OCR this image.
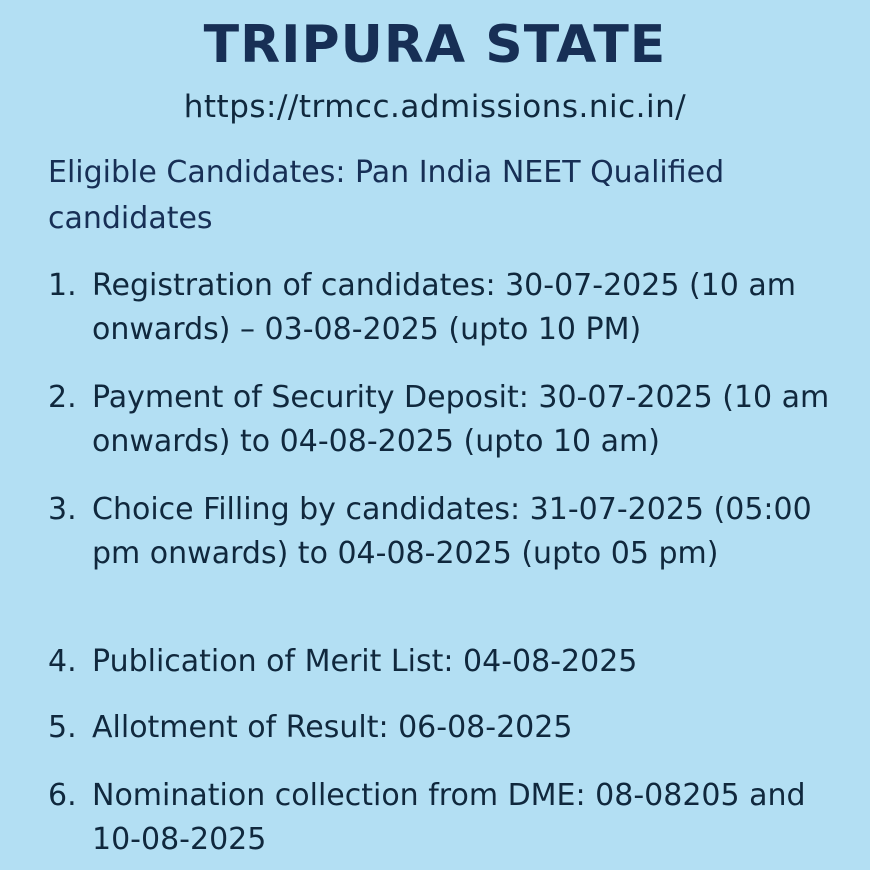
TRIPURA STATE
https://trmcc.admissions.nic.in/
Eligible Candidates: Pan India NEET Qualified candidates
1. Registration of candidates: 30-07-2025 (10 am onwards) – 03-08-2025 (upto 10 PM)
2. Payment of Security Deposit: 30-07-2025 (10 am onwards) to 04-08-2025 (upto 10 am)
3. Choice Filling by candidates: 31-07-2025 (05:00 pm onwards) to 04-08-2025 (upto 05 pm)
4. Publication of Merit List: 04-08-2025
5. Allotment of Result: 06-08-2025
6. Nomination collection from DME: 08-08205 and 10-08-2025
